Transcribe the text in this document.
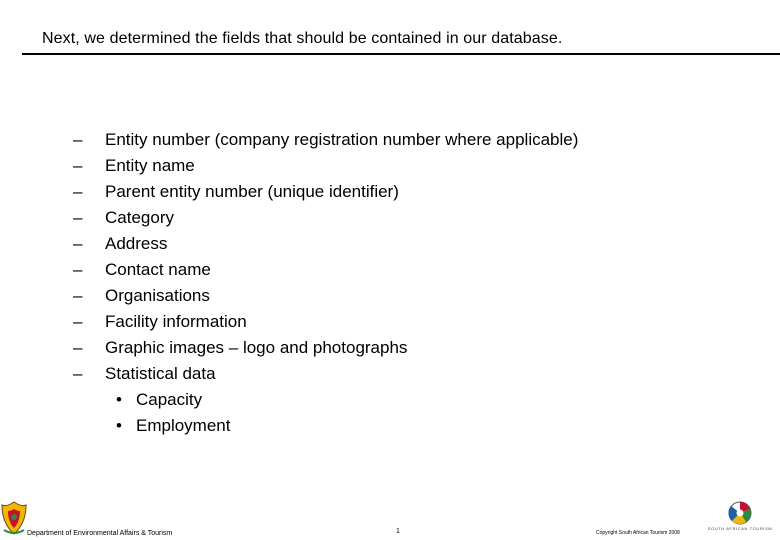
Next, we determined the fields that should be contained in our database.
– Entity number (company registration number where applicable)
– Entity name
– Parent entity number (unique identifier)
– Category
– Address
– Contact name
– Organisations
– Facility information
– Graphic images – logo and photographs
– Statistical data
• Capacity
• Employment
Department of Environmental Affairs & Tourism	1	Copyright South African Tourism 2008
SOUTH AFRICAN TOURISM
